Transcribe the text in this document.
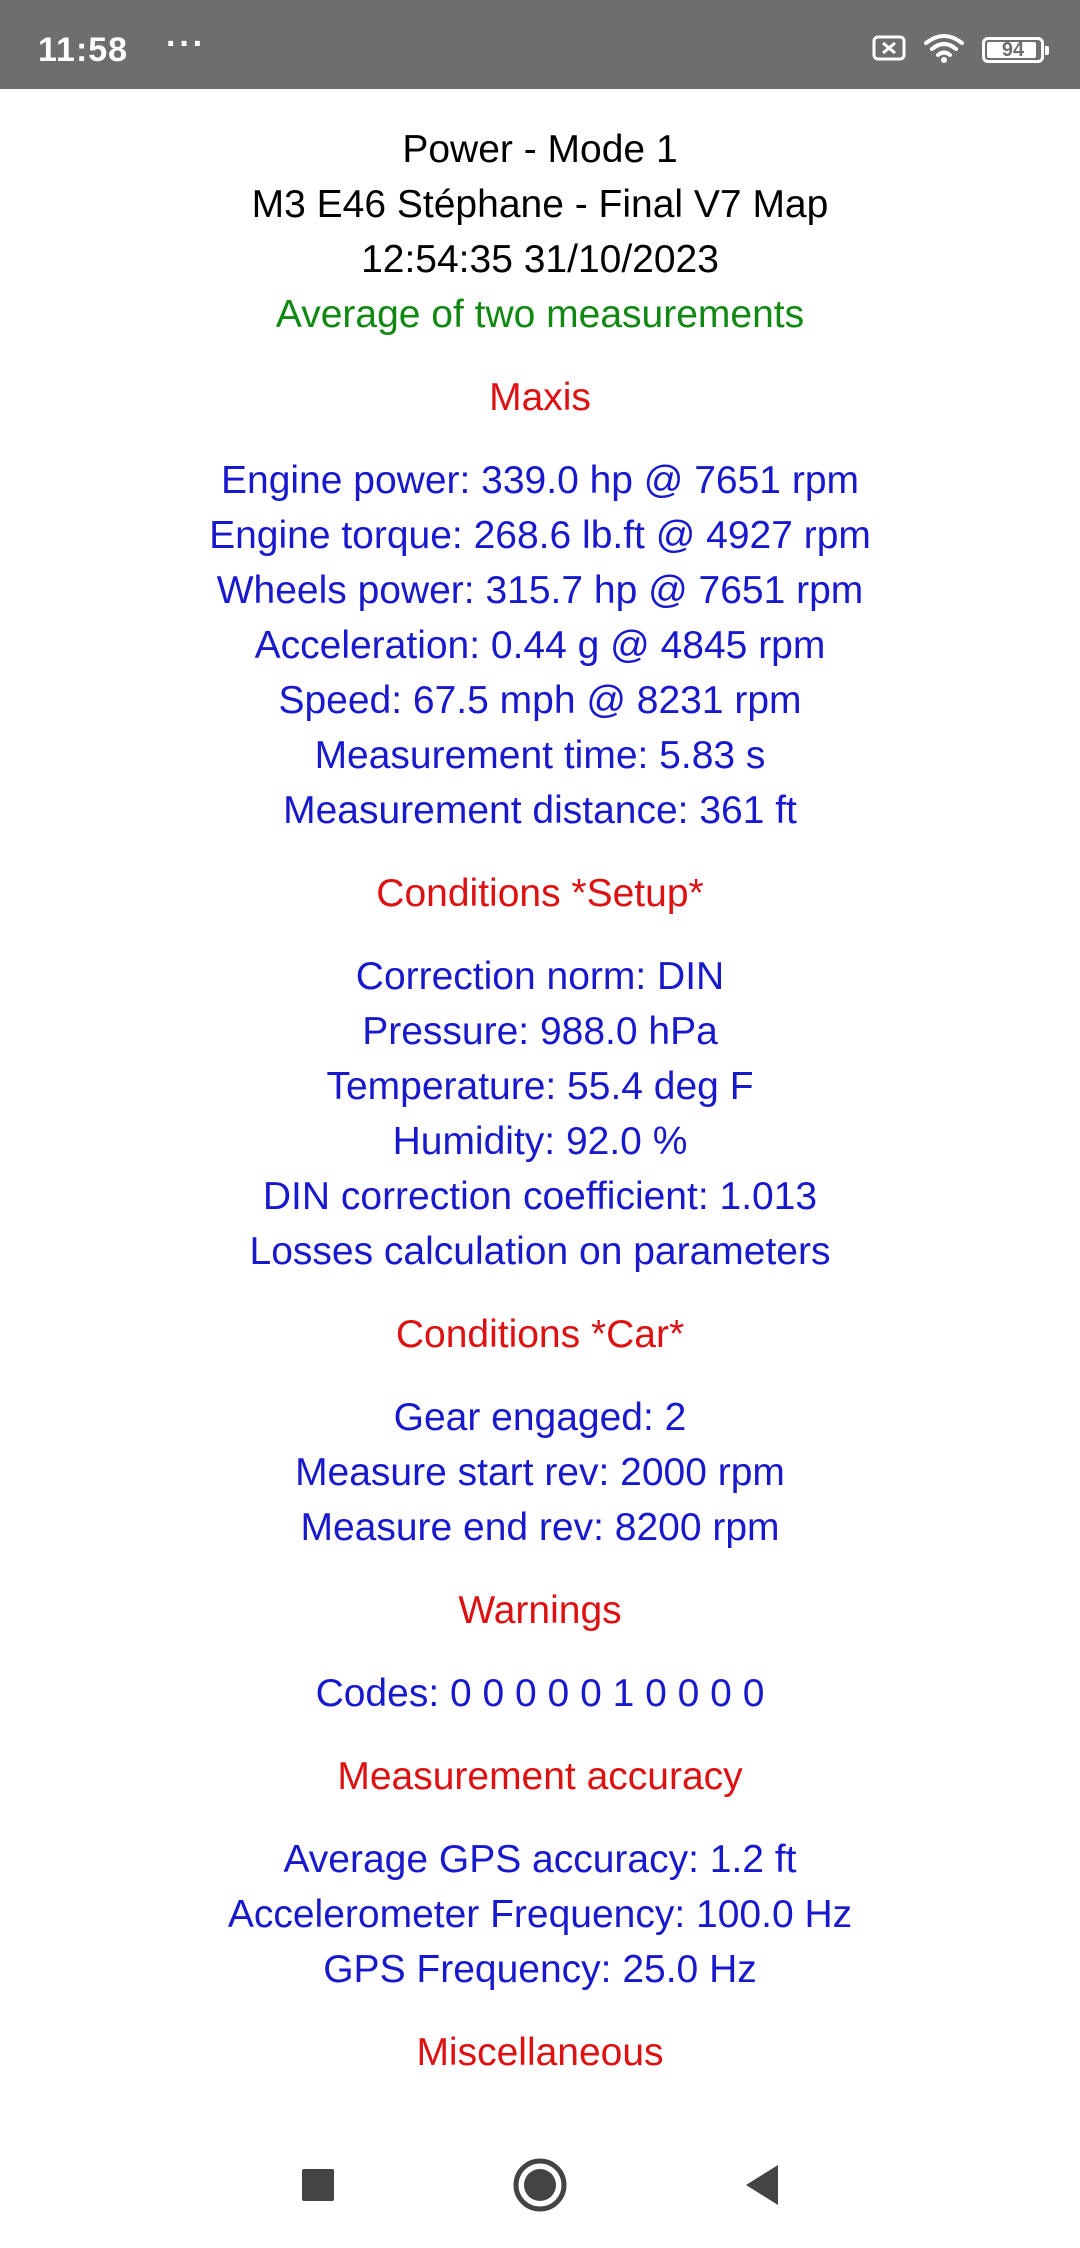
11:58 ···	94
Power - Mode 1
M3 E46 Stéphane - Final V7 Map
12:54:35 31/10/2023
Average of two measurements
Maxis
Engine power: 339.0 hp @ 7651 rpm
Engine torque: 268.6 lb.ft @ 4927 rpm
Wheels power: 315.7 hp @ 7651 rpm
Acceleration: 0.44 g @ 4845 rpm
Speed: 67.5 mph @ 8231 rpm
Measurement time: 5.83 s
Measurement distance: 361 ft
Conditions *Setup*
Correction norm: DIN
Pressure: 988.0 hPa
Temperature: 55.4 deg F
Humidity: 92.0 %
DIN correction coefficient: 1.013
Losses calculation on parameters
Conditions *Car*
Gear engaged: 2
Measure start rev: 2000 rpm
Measure end rev: 8200 rpm
Warnings
Codes: 0 0 0 0 0 1 0 0 0 0
Measurement accuracy
Average GPS accuracy: 1.2 ft
Accelerometer Frequency: 100.0 Hz
GPS Frequency: 25.0 Hz
Miscellaneous
